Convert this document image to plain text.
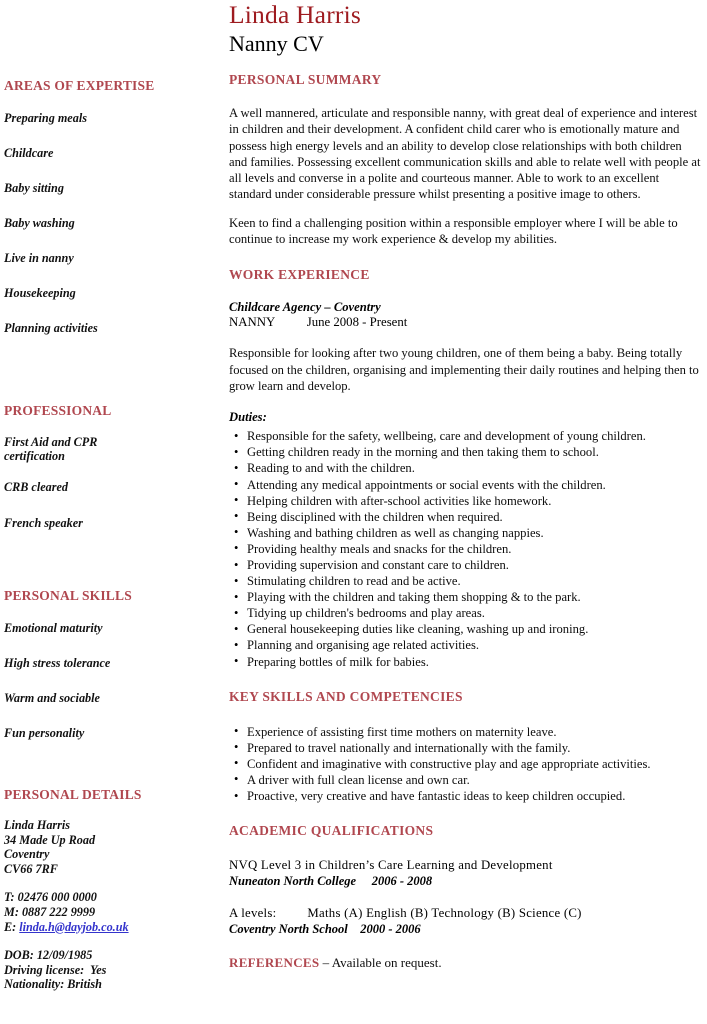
AREAS OF EXPERTISE
Preparing meals
Childcare
Baby sitting
Baby washing
Live in nanny
Housekeeping
Planning activities
PROFESSIONAL
First Aid and CPR
certification
CRB cleared
French speaker
PERSONAL SKILLS
Emotional maturity
High stress tolerance
Warm and sociable
Fun personality
PERSONAL DETAILS
Linda Harris
34 Made Up Road
Coventry
CV66 7RF
T: 02476 000 0000
M: 0887 222 9999
E: linda.h@dayjob.co.uk
DOB: 12/09/1985
Driving license:  Yes
Nationality: British
Linda Harris
Nanny CV
PERSONAL SUMMARY
A well mannered, articulate and responsible nanny, with great deal of experience and interest in children and their development. A confident child carer who is emotionally mature and possess high energy levels and an ability to develop close relationships with both children and families. Possessing excellent communication skills and able to relate well with people at all levels and converse in a polite and courteous manner. Able to work to an excellent standard under considerable pressure whilst presenting a positive image to others.
Keen to find a challenging position within a responsible employer where I will be able to continue to increase my work experience & develop my abilities.
WORK EXPERIENCE
Childcare Agency – Coventry
NANNY          June 2008 - Present
Responsible for looking after two young children, one of them being a baby. Being totally focused on the children, organising and implementing their daily routines and helping then to grow learn and develop.
Duties:
• Responsible for the safety, wellbeing, care and development of young children.
• Getting children ready in the morning and then taking them to school.
• Reading to and with the children.
• Attending any medical appointments or social events with the children.
• Helping children with after-school activities like homework.
• Being disciplined with the children when required.
• Washing and bathing children as well as changing nappies.
• Providing healthy meals and snacks for the children.
• Providing supervision and constant care to children.
• Stimulating children to read and be active.
• Playing with the children and taking them shopping & to the park.
• Tidying up children's bedrooms and play areas.
• General housekeeping duties like cleaning, washing up and ironing.
• Planning and organising age related activities.
• Preparing bottles of milk for babies.
KEY SKILLS AND COMPETENCIES
• Experience of assisting first time mothers on maternity leave.
• Prepared to travel nationally and internationally with the family.
• Confident and imaginative with constructive play and age appropriate activities.
• A driver with full clean license and own car.
• Proactive, very creative and have fantastic ideas to keep children occupied.
ACADEMIC QUALIFICATIONS
NVQ Level 3 in Children’s Care Learning and Development
Nuneaton North College     2006 - 2008
A levels:         Maths (A) English (B) Technology (B) Science (C)
Coventry North School    2000 - 2006
REFERENCES – Available on request.
